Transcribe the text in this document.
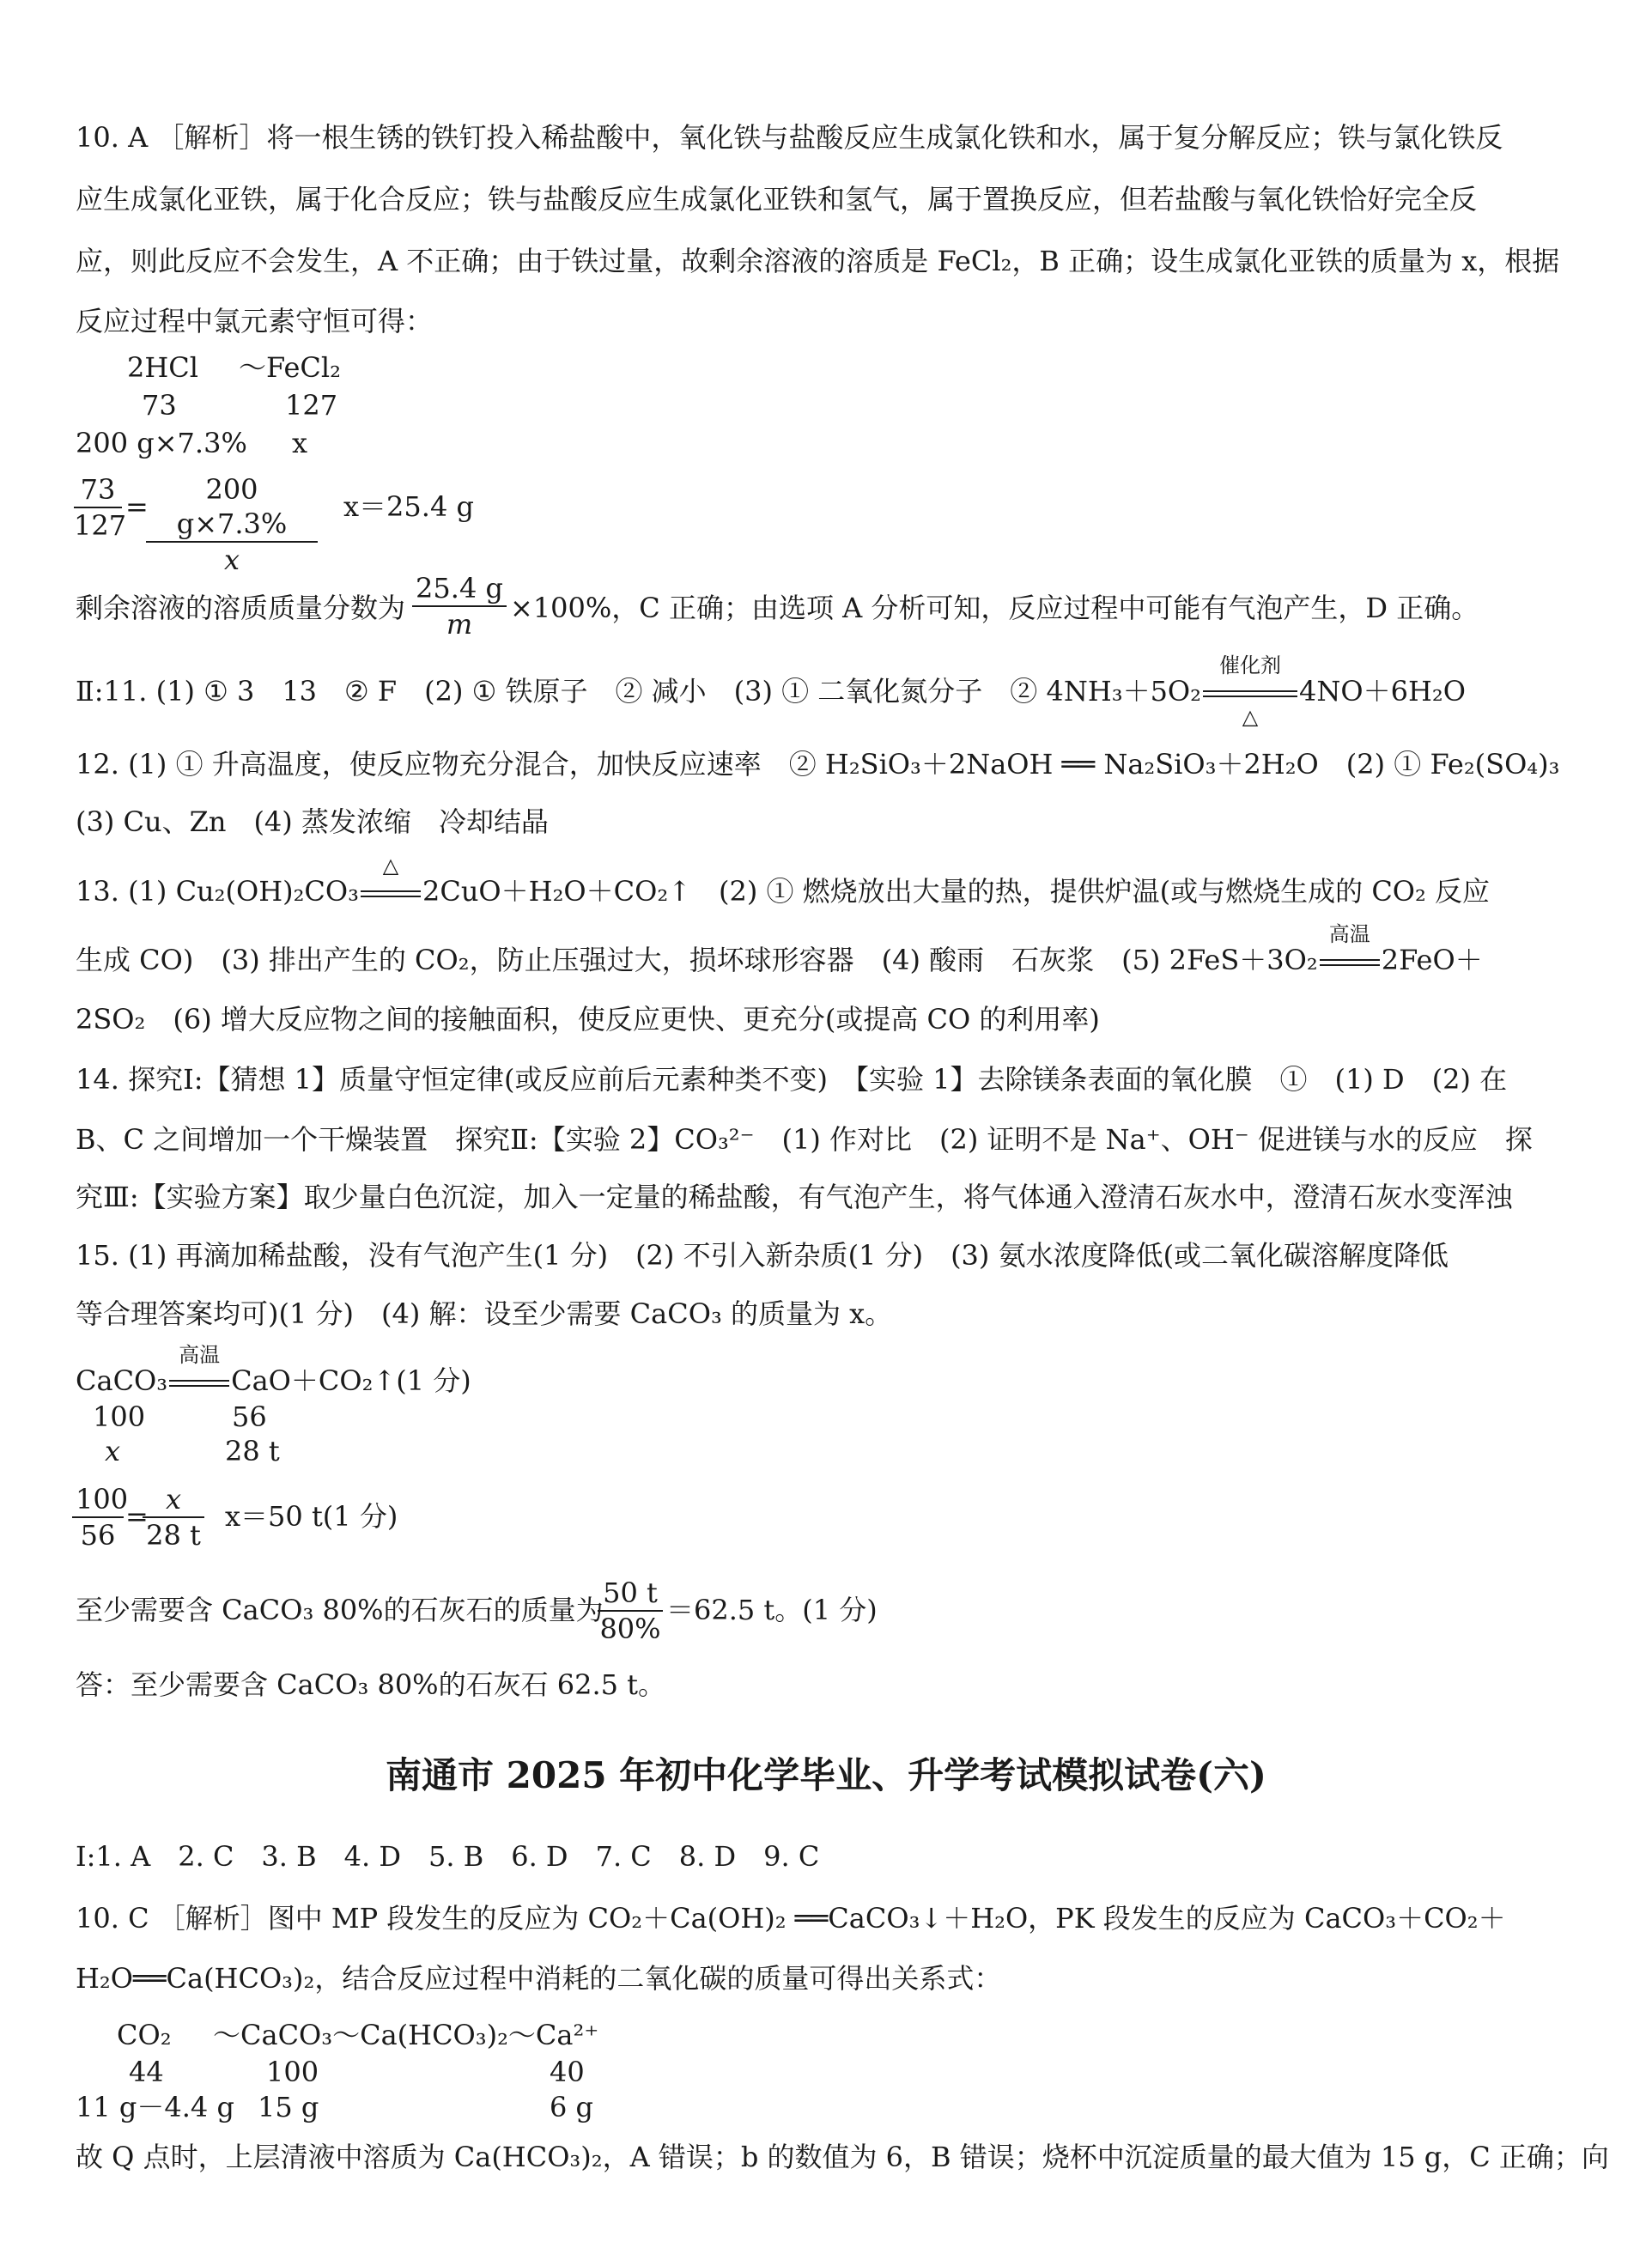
10. A ［解析］将一根生锈的铁钉投入稀盐酸中，氧化铁与盐酸反应生成氯化铁和水，属于复分解反应；铁与氯化铁反
应生成氯化亚铁，属于化合反应；铁与盐酸反应生成氯化亚铁和氢气，属于置换反应，但若盐酸与氧化铁恰好完全反
应，则此反应不会发生，A 不正确；由于铁过量，故剩余溶液的溶质是 FeCl₂，B 正确；设生成氯化亚铁的质量为 x，根据
反应过程中氯元素守恒可得：
2HCl ～FeCl₂
73	127
200 g×7.3% x
$\frac{73}{127}$ =
$\frac{200 g\times 7.3\%}{x} x=25.4$ g
剩余溶液的溶质质量分数为 $\frac{25.4 g}{m} \times 100\%$，C 正确；由选项 A 分析可知，反应过程中可能有气泡产生，D 正确。
Ⅱ:11. (1) ① 3　13　② F　(2) ① 铁原子　② 减小　(3) ① 二氧化氮分子　② 4NH₃＋5O₂
催化剂
△
4NO＋6H₂O
12. (1) ① 升高温度，使反应物充分混合，加快反应速率　② H₂SiO₃＋2NaOH ══ Na₂SiO₃＋2H₂O　(2) ① Fe₂(SO₄)₃
(3) Cu、Zn　(4) 蒸发浓缩　冷却结晶
13. (1) Cu₂(OH)₂CO₃
△
2CuO＋H₂O＋CO₂↑　(2) ① 燃烧放出大量的热，提供炉温(或与燃烧生成的 CO₂ 反应
生成 CO)　(3) 排出产生的 CO₂，防止压强过大，损坏球形容器　(4) 酸雨　石灰浆　(5) 2FeS＋3O₂
高温
2FeO＋
2SO₂　(6) 增大反应物之间的接触面积，使反应更快、更充分(或提高 CO 的利用率)
14. 探究Ⅰ:【猜想 1】质量守恒定律(或反应前后元素种类不变)　【实验 1】去除镁条表面的氧化膜　①　(1) D　(2) 在
B、C 之间增加一个干燥装置　探究Ⅱ:【实验 2】CO₃²⁻　(1) 作对比　(2) 证明不是 Na⁺、OH⁻ 促进镁与水的反应　探
究Ⅲ:【实验方案】取少量白色沉淀，加入一定量的稀盐酸，有气泡产生，将气体通入澄清石灰水中，澄清石灰水变浑浊
15. (1) 再滴加稀盐酸，没有气泡产生(1 分)　(2) 不引入新杂质(1 分)　(3) 氨水浓度降低(或二氧化碳溶解度降低
等合理答案均可)(1 分)　(4) 解：设至少需要 CaCO₃ 的质量为 x。
CaCO₃
高温
CaO＋CO₂↑(1 分)
100	56
x	28 t
$\frac{100}{56}$ =
$\frac{x}{28 t} x=50$ t(1 分)
至少需要含 CaCO₃ 80%的石灰石的质量为
$\frac{50 t}{80\%} =62.5$ t。(1 分)
答：至少需要含 CaCO₃ 80%的石灰石 62.5 t。
南通市 2025 年初中化学毕业、升学考试模拟试卷(六)
Ⅰ:1. A　2. C　3. B　4. D　5. B　6. D　7. C　8. D　9. C
10. C ［解析］图中 MP 段发生的反应为 CO₂＋Ca(OH)₂ ══CaCO₃↓＋H₂O，PK 段发生的反应为 CaCO₃＋CO₂＋
H₂O══Ca(HCO₃)₂，结合反应过程中消耗的二氧化碳的质量可得出关系式：
CO₂ ～CaCO₃～Ca(HCO₃)₂～Ca²⁺
44	100	40
11 g－4.4 g 15 g	6 g
故 Q 点时，上层清液中溶质为 Ca(HCO₃)₂，A 错误；b 的数值为 6，B 错误；烧杯中沉淀质量的最大值为 15 g，C 正确；向
